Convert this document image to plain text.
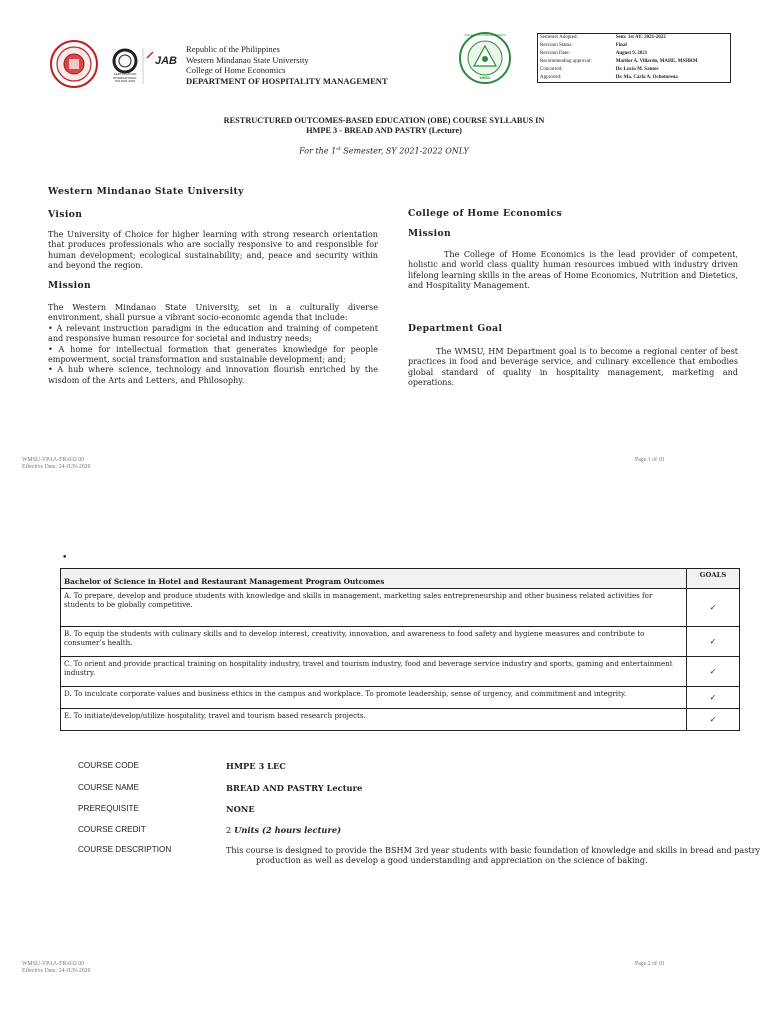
JAB
CERTIFICATION
INTERNATIONAL
ISO 9001:2015
Republic of the Philippines
Western Mindanao State University
College of Home Economics
DEPARTMENT OF HOSPITALITY MANAGEMENT
COLLEGE OF HOME ECONOMICS
WMSU
Semester Adopted:	Sem: 1st AY: 2021-2022
Revision Status:	Final
Revision Date:	August 9, 2021
Recommending approval:	Marilor A. Villardo, MAHE, MSHRM
Concurred:	Dr. Lucio M. Santos
Approved:	Dr. Ma. Carla A. Ochotorena
RESTRUCTURED OUTCOMES-BASED EDUCATION (OBE) COURSE SYLLABUS IN
HMPE 3 - BREAD AND PASTRY (Lecture)
For the 1st Semester, SY 2021-2022 ONLY
Western Mindanao State University
Vision
The University of Choice for higher learning with strong research orientation that produces professionals who are socially responsive to and responsible for human development; ecological sustainability; and, peace and security within and beyond the region.
Mission
The Western Mindanao State University, set in a culturally diverse environment, shall pursue a vibrant socio-economic agenda that include:
• A relevant instruction paradigm in the education and training of competent and responsive human resource for societal and industry needs;
• A home for intellectual formation that generates knowledge for people empowerment, social transformation and sustainable development; and;
• A hub where science, technology and innovation flourish enriched by the wisdom of the Arts and Letters, and Philosophy.
College of Home Economics
Mission
The College of Home Economics is the lead provider of competent, holistic and world class quality human resources imbued with industry driven lifelong learning skills in the areas of Home Economics, Nutrition and Dietetics, and Hospitality Management.
Department Goal
The WMSU, HM Department goal is to become a regional center of best practices in food and beverage service, and culinary excellence that embodies global standard of quality in hospitality management, marketing and operations.
WMSU-VPAA-FR-032.00
Effective Date: 24-JUN-2020
Page 1 of 10
•
Bachelor of Science in Hotel and Restaurant Management Program Outcomes	GOALS
A. To prepare, develop and produce students with knowledge and skills in management, marketing sales entrepreneurship and other business related activities for students to be globally competitive.	✓
B. To equip the students with culinary skills and to develop interest, creativity, innovation, and awareness to food safety and hygiene measures and contribute to consumer’s health.	✓
C. To orient and provide practical training on hospitality industry, travel and tourism industry, food and beverage service industry and sports, gaming and entertainment industry.	✓
D. To inculcate corporate values and business ethics in the campus and workplace. To promote leadership, sense of urgency, and commitment and integrity.	✓
E. To initiate/develop/utilize hospitality, travel and tourism based research projects.	✓
COURSE CODE	HMPE 3 LEC
COURSE NAME	BREAD AND PASTRY Lecture
PREREQUISITE	NONE
COURSE CREDIT	2 Units (2 hours lecture)
COURSE DESCRIPTION	This course is designed to provide the BSHM 3rd year students with basic foundation of knowledge and skills in bread and pastry production as well as develop a good understanding and appreciation on the science of baking.
WMSU-VPAA-FR-032.00
Effective Date: 24-JUN-2020
Page 2 of 10
